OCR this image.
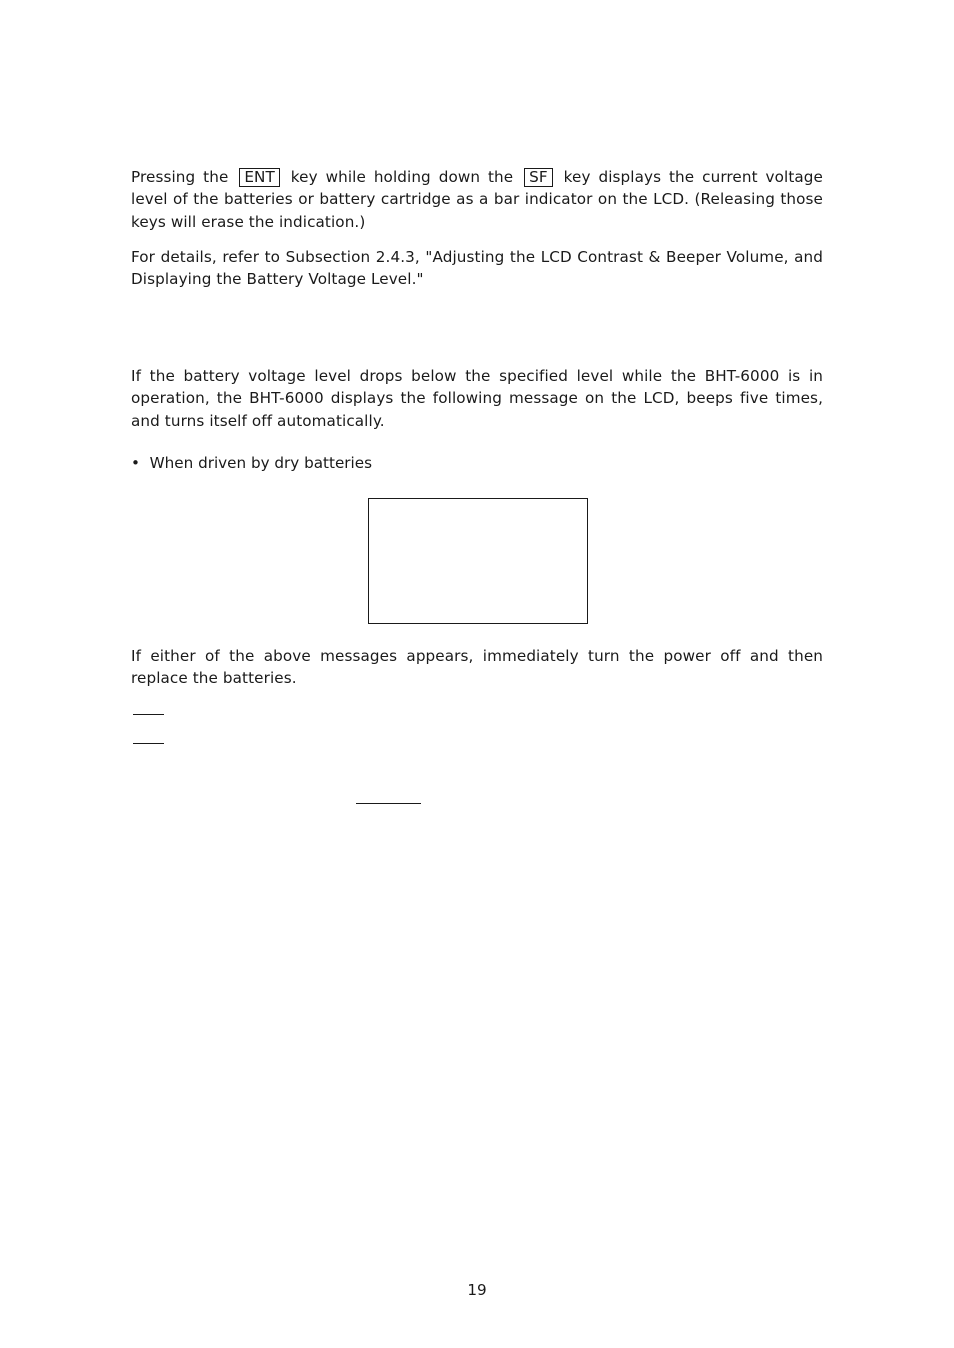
Pressing the ENT key while holding down the SF key displays the current voltage level of the batteries or battery cartridge as a bar indicator on the LCD. (Releasing those keys will erase the indication.)

For details, refer to Subsection 2.4.3, "Adjusting the LCD Contrast & Beeper Volume, and Displaying the Battery Voltage Level."

If the battery voltage level drops below the specified level while the BHT-6000 is in operation, the BHT-6000 displays the following message on the LCD, beeps five times, and turns itself off automatically.

• When driven by dry batteries

If either of the above messages appears, immediately turn the power off and then replace the batteries.

19
